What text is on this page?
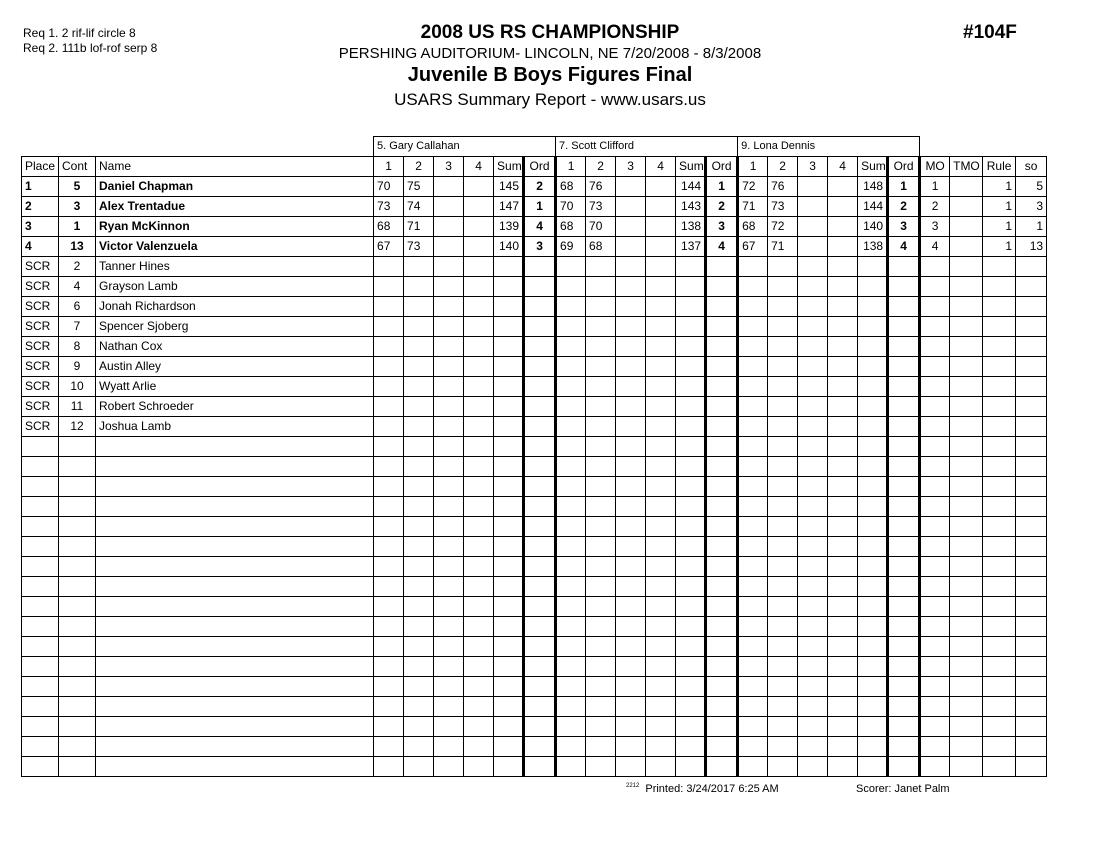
Req 1. 2 rif-lif circle 8
Req 2. 111b lof-rof serp 8
2008 US RS CHAMPIONSHIP
PERSHING AUDITORIUM- LINCOLN, NE 7/20/2008 - 8/3/2008
Juvenile B Boys Figures Final
USARS Summary Report - www.usars.us
#104F
			5. Gary Callahan						7. Scott Clifford						9. Lona Dennis									
Place	Cont	Name	1	2	3	4	Sum	Ord	1	2	3	4	Sum	Ord	1	2	3	4	Sum	Ord	MO	TMO	Rule	so
1	5	Daniel Chapman	70	75			145	2	68	76			144	1	72	76			148	1	1		1	5
2	3	Alex Trentadue	73	74			147	1	70	73			143	2	71	73			144	2	2		1	3
3	1	Ryan McKinnon	68	71			139	4	68	70			138	3	68	72			140	3	3		1	1
4	13	Victor Valenzuela	67	73			140	3	69	68			137	4	67	71			138	4	4		1	13
SCR	2	Tanner Hines																						
SCR	4	Grayson Lamb																						
SCR	6	Jonah Richardson																						
SCR	7	Spencer Sjoberg																						
SCR	8	Nathan Cox																						
SCR	9	Austin Alley																						
SCR	10	Wyatt Arlie																						
SCR	11	Robert Schroeder																						
SCR	12	Joshua Lamb																						

$^{2212}$ Printed: 3/24/2017 6:25 AM	Scorer: Janet Palm
